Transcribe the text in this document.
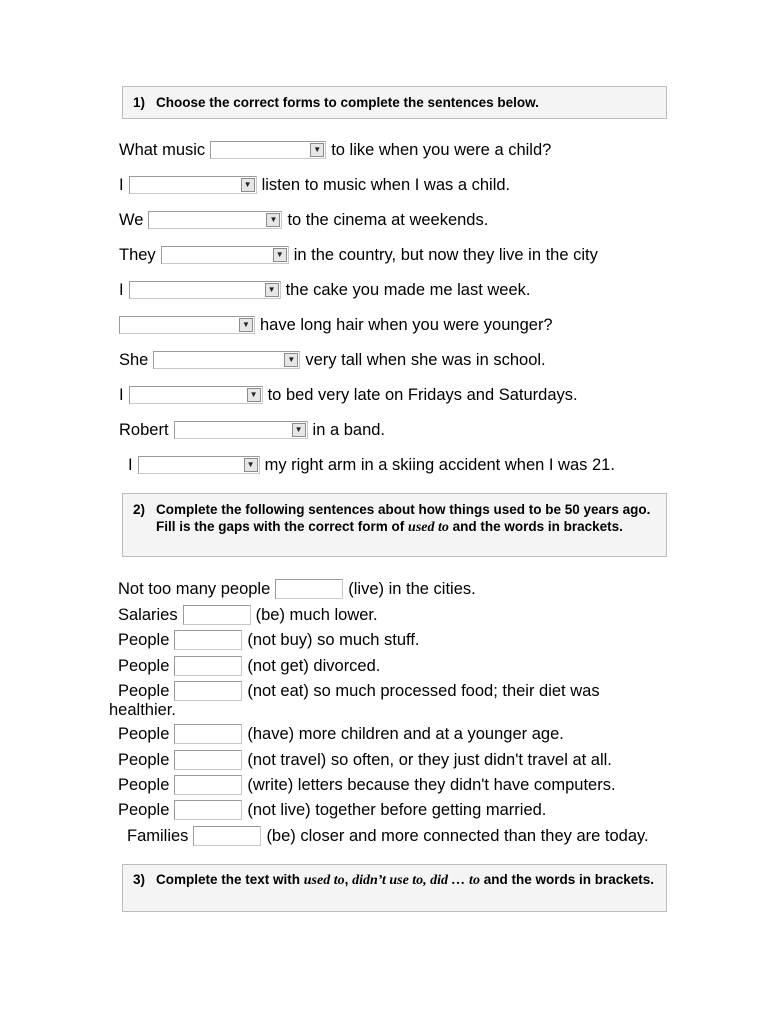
1) Choose the correct forms to complete the sentences below.
What music	▼ to like when you were a child?
I	▼ listen to music when I was a child.
We	▼ to the cinema at weekends.
They	▼ in the country, but now they live in the city
I	▼ the cake you made me last week.
▼ have long hair when you were younger?
She	▼ very tall when she was in school.
I	▼ to bed very late on Fridays and Saturdays.
Robert	▼ in a band.
I	▼ my right arm in a skiing accident when I was 21.
2) Complete the following sentences about how things used to be 50 years ago. Fill is the gaps with the correct form of used to and the words in brackets.
Not too many people	(live) in the cities.
Salaries	(be) much lower.
People	(not buy) so much stuff.
People	(not get) divorced.
People	(not eat) so much processed food; their diet was
healthier.
People	(have) more children and at a younger age.
People	(not travel) so often, or they just didn't travel at all.
People	(write) letters because they didn't have computers.
People	(not live) together before getting married.
Families	(be) closer and more connected than they are today.
3) Complete the text with used to, didn’t use to, did … to and the words in brackets.
